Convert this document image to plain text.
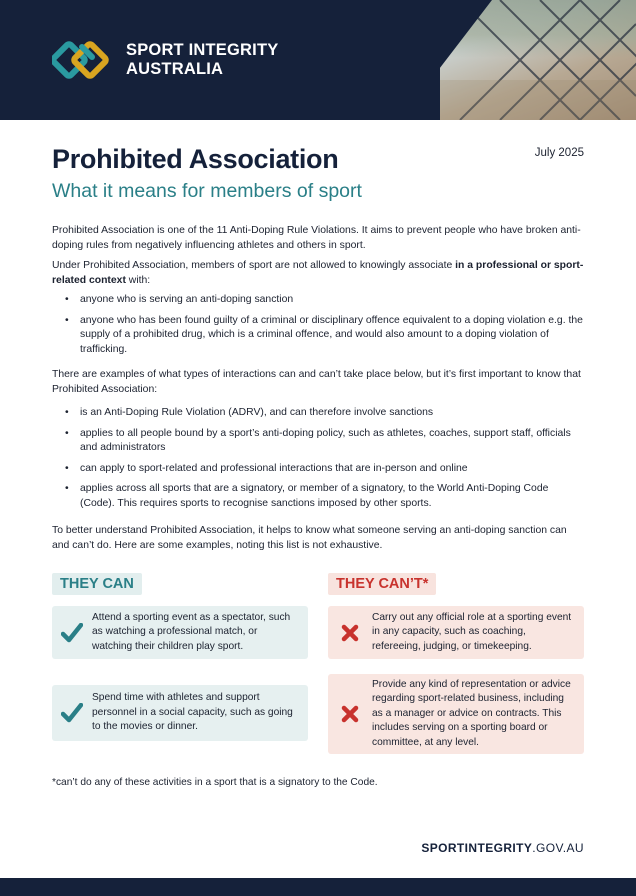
SPORT INTEGRITY
AUSTRALIA
July 2025
Prohibited Association
What it means for members of sport

Prohibited Association is one of the 11 Anti-Doping Rule Violations. It aims to prevent people who have broken anti-doping rules from negatively influencing athletes and others in sport.

Under Prohibited Association, members of sport are not allowed to knowingly associate in a professional or sport-related context with:

• anyone who is serving an anti-doping sanction
• anyone who has been found guilty of a criminal or disciplinary offence equivalent to a doping violation e.g. the supply of a prohibited drug, which is a criminal offence, and would also amount to a doping violation of trafficking.

There are examples of what types of interactions can and can’t take place below, but it’s first important to know that Prohibited Association:

• is an Anti-Doping Rule Violation (ADRV), and can therefore involve sanctions
• applies to all people bound by a sport’s anti-doping policy, such as athletes, coaches, support staff, officials and administrators
• can apply to sport-related and professional interactions that are in-person and online
• applies across all sports that are a signatory, or member of a signatory, to the World Anti-Doping Code (Code). This requires sports to recognise sanctions imposed by other sports.

To better understand Prohibited Association, it helps to know what someone serving an anti-doping sanction can and can’t do. Here are some examples, noting this list is not exhaustive.

THEY CAN	THEY CAN’T*
Attend a sporting event as a spectator, such as watching a professional match, or watching their children play sport.
Spend time with athletes and support personnel in a social capacity, such as going to the movies or dinner.
Carry out any official role at a sporting event in any capacity, such as coaching, refereeing, judging, or timekeeping.
Provide any kind of representation or advice regarding sport-related business, including as a manager or advice on contracts. This includes serving on a sporting board or committee, at any level.
*can’t do any of these activities in a sport that is a signatory to the Code.
SPORTINTEGRITY.GOV.AU
